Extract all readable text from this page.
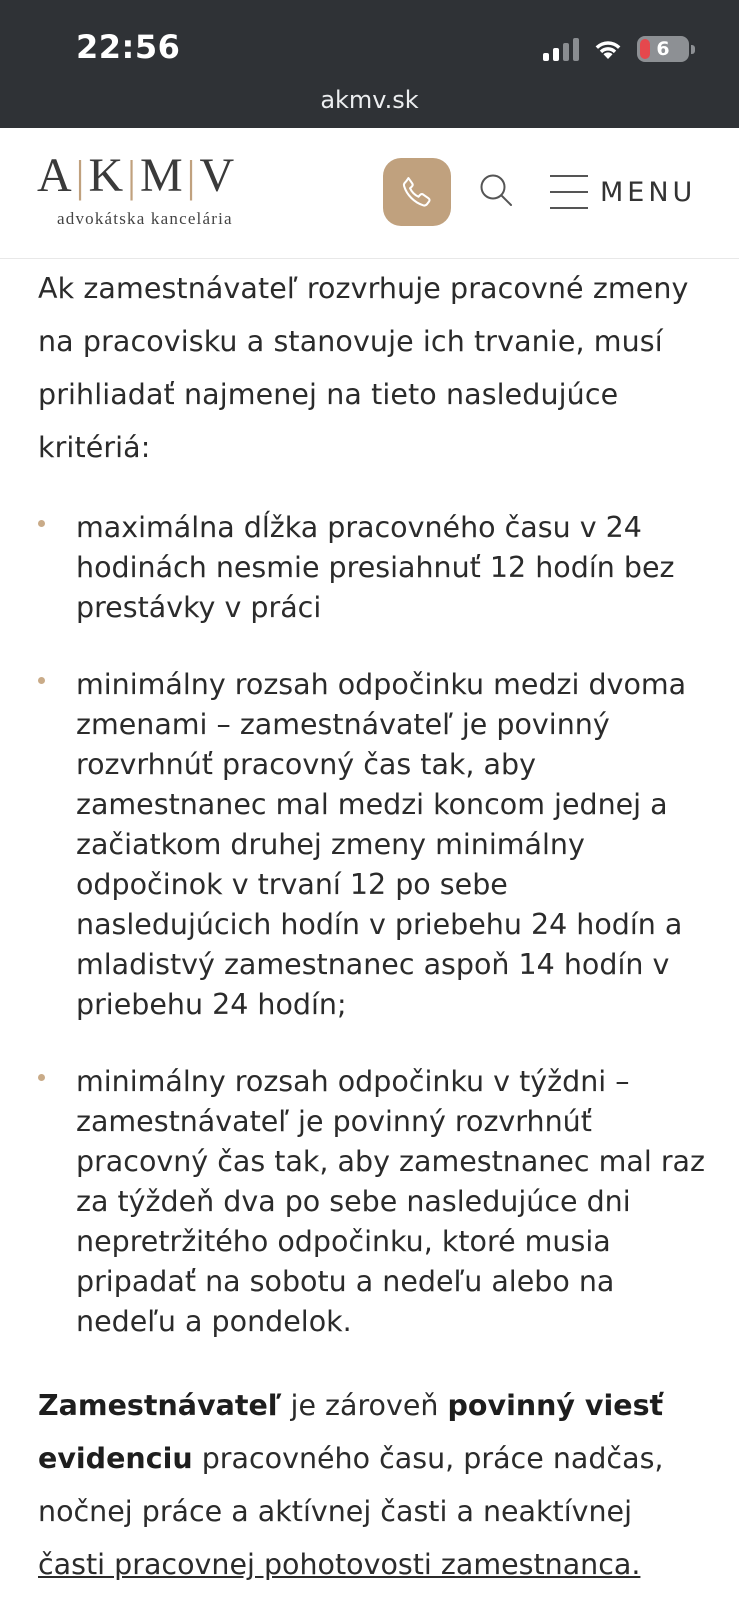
22:56	6
akmv.sk
A|K|M|V
advokátska kancelária
MENU

Ak zamestnávateľ rozvrhuje pracovné zmeny na pracovisku a stanovuje ich trvanie, musí prihliadať najmenej na tieto nasledujúce kritériá:

maximálna dĺžka pracovného času v 24 hodinách nesmie presiahnuť 12 hodín bez prestávky v práci
minimálny rozsah odpočinku medzi dvoma zmenami – zamestnávateľ je povinný rozvrhnúť pracovný čas tak, aby zamestnanec mal medzi koncom jednej a začiatkom druhej zmeny minimálny odpočinok v trvaní 12 po sebe nasledujúcich hodín v priebehu 24 hodín a mladistvý zamestnanec aspoň 14 hodín v priebehu 24 hodín;
minimálny rozsah odpočinku v týždni – zamestnávateľ je povinný rozvrhnúť pracovný čas tak, aby zamestnanec mal raz za týždeň dva po sebe nasledujúce dni nepretržitého odpočinku, ktoré musia pripadať na sobotu a nedeľu alebo na nedeľu a pondelok.

Zamestnávateľ je zároveň povinný viesť evidenciu pracovného času, práce nadčas, nočnej práce a aktívnej časti a neaktívnej časti pracovnej pohotovosti zamestnanca.
